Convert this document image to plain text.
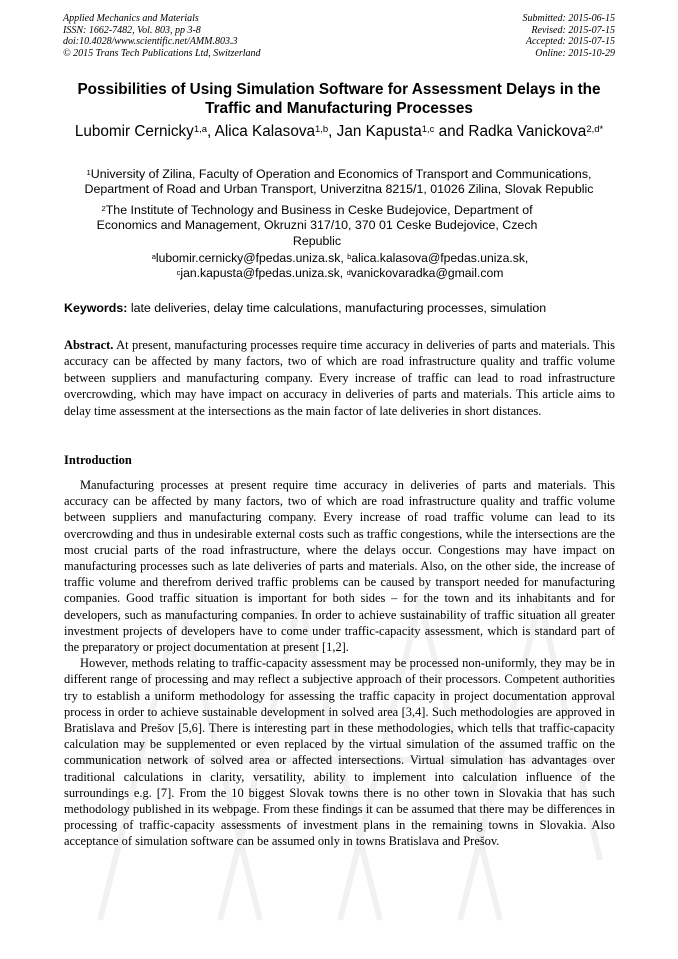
Applied Mechanics and Materials
ISSN: 1662-7482, Vol. 803, pp 3-8
doi:10.4028/www.scientific.net/AMM.803.3
© 2015 Trans Tech Publications Ltd, Switzerland
Submitted: 2015-06-15
Revised: 2015-07-15
Accepted: 2015-07-15
Online: 2015-10-29
Possibilities of Using Simulation Software for Assessment Delays in the Traffic and Manufacturing Processes
Lubomir Cernicky$^{1,a}$, Alica Kalasova$^{1,b}$, Jan Kapusta$^{1,c}$ and Radka Vanickova$^{2,d*}$
$^1$University of Zilina, Faculty of Operation and Economics of Transport and Communications, Department of Road and Urban Transport, Univerzitna 8215/1, 01026 Zilina, Slovak Republic
$^2$The Institute of Technology and Business in Ceske Budejovice, Department of Economics and Management, Okruzni 317/10, 370 01 Ceske Budejovice, Czech Republic
$^a$lubomir.cernicky@fpedas.uniza.sk, $^b$alica.kalasova@fpedas.uniza.sk,
$^c$jan.kapusta@fpedas.uniza.sk, $^d$vanickovaradka@gmail.com
Keywords: late deliveries, delay time calculations, manufacturing processes, simulation
Abstract. At present, manufacturing processes require time accuracy in deliveries of parts and materials. This accuracy can be affected by many factors, two of which are road infrastructure quality and traffic volume between suppliers and manufacturing company. Every increase of traffic can lead to road infrastructure overcrowding, which may have impact on accuracy in deliveries of parts and materials. This article aims to delay time assessment at the intersections as the main factor of late deliveries in short distances.
Introduction

Manufacturing processes at present require time accuracy in deliveries of parts and materials. This accuracy can be affected by many factors, two of which are road infrastructure quality and traffic volume between suppliers and manufacturing company. Every increase of road traffic volume can lead to its overcrowding and thus in undesirable external costs such as traffic congestions, while the intersections are the most crucial parts of the road infrastructure, where the delays occur. Congestions may have impact on manufacturing processes such as late deliveries of parts and materials. Also, on the other side, the increase of traffic volume and therefrom derived traffic problems can be caused by transport needed for manufacturing companies. Good traffic situation is important for both sides – for the town and its inhabitants and for developers, such as manufacturing companies. In order to achieve sustainability of traffic situation all greater investment projects of developers have to come under traffic-capacity assessment, which is standard part of the preparatory or project documentation at present [1,2].

However, methods relating to traffic-capacity assessment may be processed non-uniformly, they may be in different range of processing and may reflect a subjective approach of their processors. Competent authorities try to establish a uniform methodology for assessing the traffic capacity in project documentation approval process in order to achieve sustainable development in solved area [3,4]. Such methodologies are approved in Bratislava and Prešov [5,6]. There is interesting part in these methodologies, which tells that traffic-capacity calculation may be supplemented or even replaced by the virtual simulation of the assumed traffic on the communication network of solved area or affected intersections. Virtual simulation has advantages over traditional calculations in clarity, versatility, ability to implement into calculation influence of the surroundings e.g. [7]. From the 10 biggest Slovak towns there is no other town in Slovakia that has such methodology published in its webpage. From these findings it can be assumed that there may be differences in processing of traffic-capacity assessments of investment plans in the remaining towns in Slovakia. Also acceptance of simulation software can be assumed only in towns Bratislava and Prešov.
